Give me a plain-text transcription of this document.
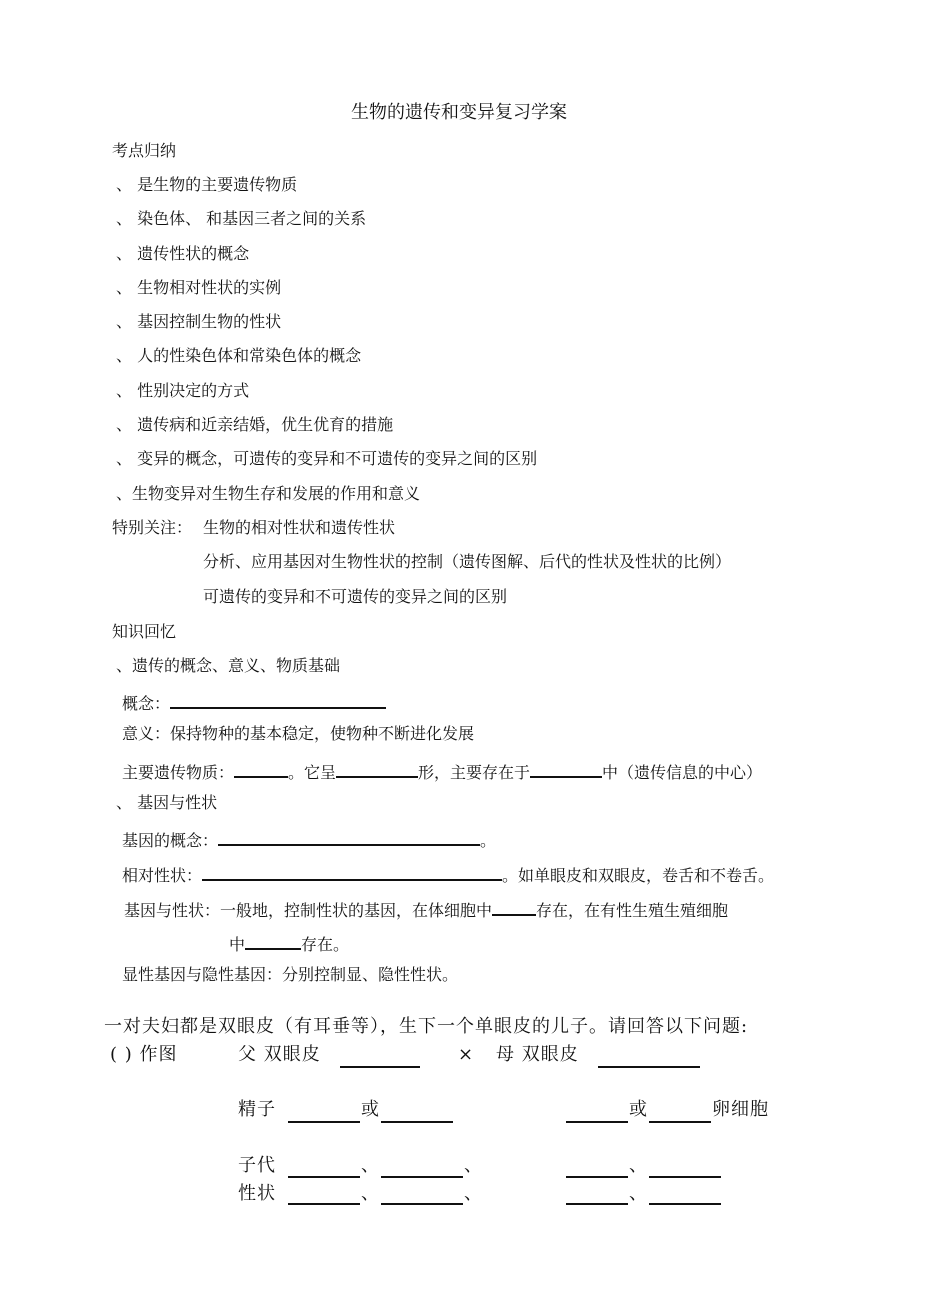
生物的遗传和变异复习学案
考点归纳
、 是生物的主要遗传物质
、 染色体、 和基因三者之间的关系
、 遗传性状的概念
、 生物相对性状的实例
、 基因控制生物的性状
、 人的性染色体和常染色体的概念
、 性别决定的方式
、 遗传病和近亲结婚，优生优育的措施
、 变异的概念，可遗传的变异和不可遗传的变异之间的区别
、生物变异对生物生存和发展的作用和意义
特别关注： 生物的相对性状和遗传性状
分析、应用基因对生物性状的控制（遗传图解、后代的性状及性状的比例）
可遗传的变异和不可遗传的变异之间的区别
知识回忆
、遗传的概念、意义、物质基础
概念：
意义：保持物种的基本稳定，使物种不断进化发展
主要遗传物质：	。它呈	形，主要存在于	中（遗传信息的中心）
、 基因与性状
基因的概念：	。
相对性状：	。如单眼皮和双眼皮，卷舌和不卷舌。
基因与性状：一般地，控制性状的基因，在体细胞中	存在，在有性生殖生殖细胞
中	存在。
显性基因与隐性基因：分别控制显、隐性性状。
一对夫妇都是双眼皮（有耳垂等），生下一个单眼皮的儿子。请回答以下问题:
( ) 作图	父 双眼皮	× 母 双眼皮
精子	或	或	卵细胞
子代	、	、	、
性状	、	、	、
